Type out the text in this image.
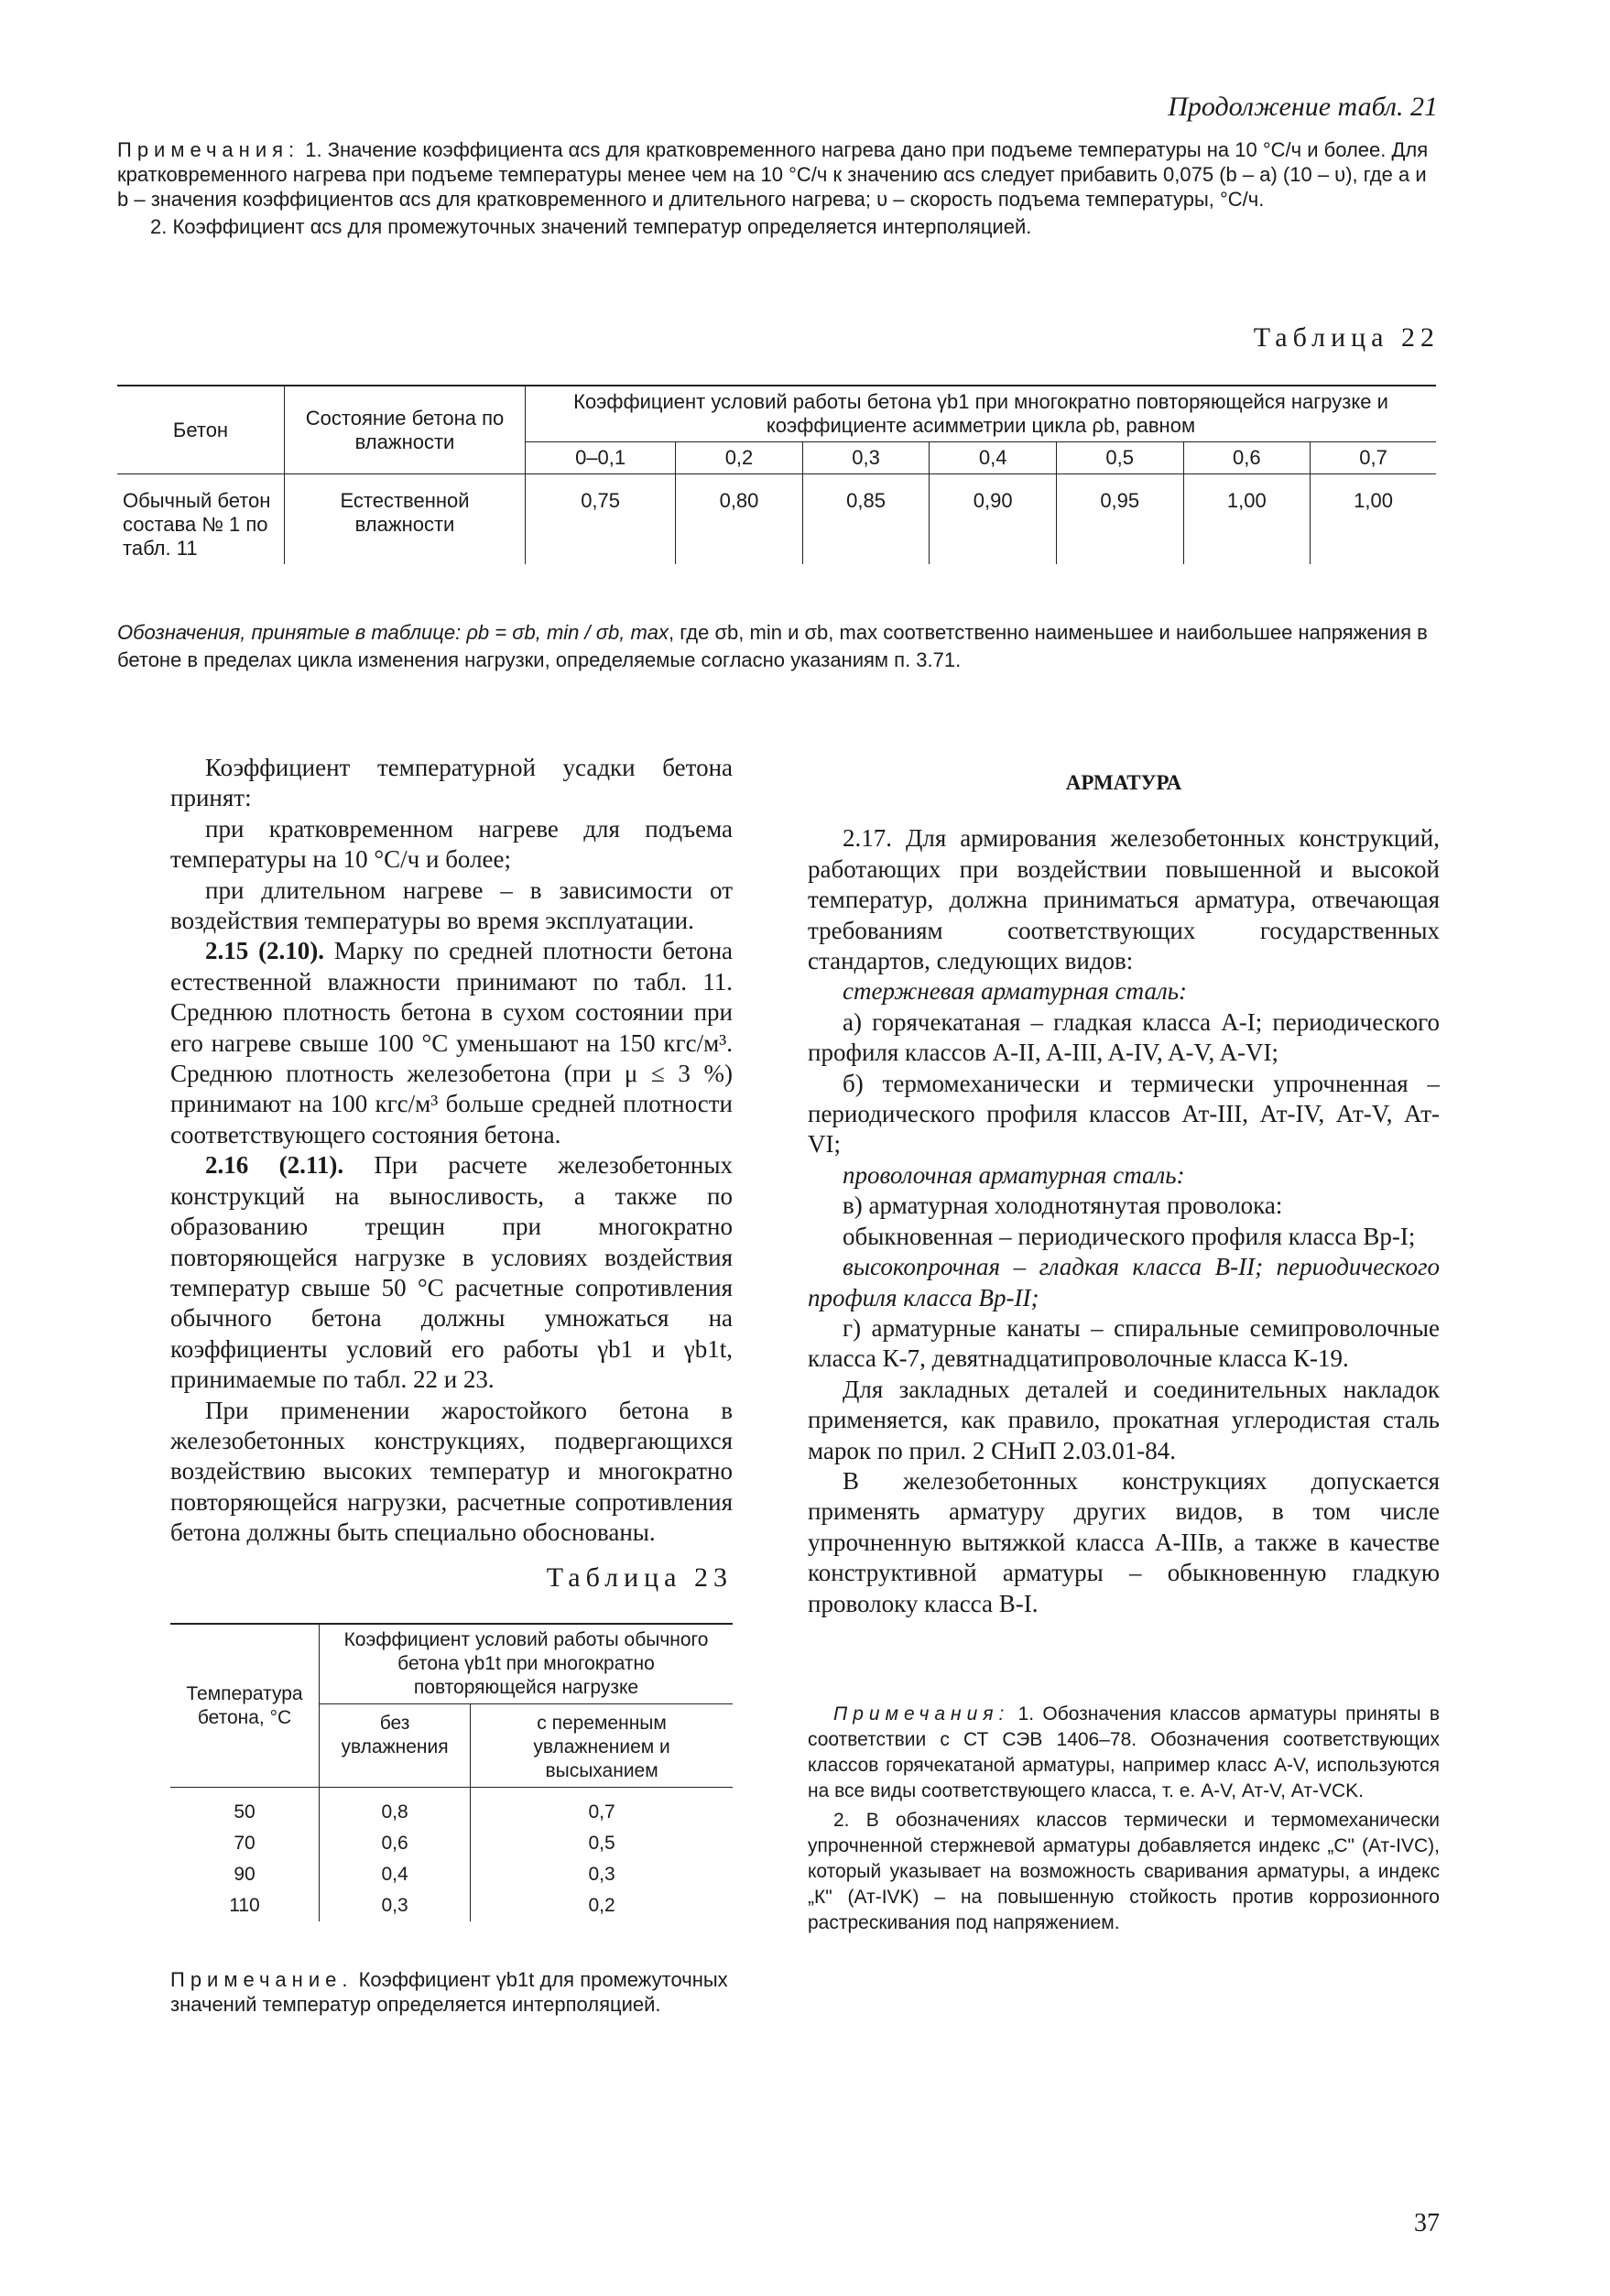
Продолжение табл. 21

Примечания: 1. Значение коэффициента αcs для кратковременного нагрева дано при подъеме температуры на 10 °С/ч и более. Для кратковременного нагрева при подъеме температуры менее чем на 10 °С/ч к значению αcs следует прибавить 0,075 (b – a) (10 – υ), где a и b – значения коэффициентов αcs для кратковременного и длительного нагрева; υ – скорость подъема температуры, °С/ч.

2. Коэффициент αcs для промежуточных значений температур определяется интерполяцией.

Таблица 22
Бетон	Состояние бетона по влажности	Коэффициент условий работы бетона γb1 при многократно повторяющейся нагрузке и коэффициенте асимметрии цикла ρb, равном						
		0–0,1	0,2	0,3	0,4	0,5	0,6	0,7
Обычный бетон состава № 1 по табл. 11	Естественной влажности	0,75	0,80	0,85	0,90	0,95	1,00	1,00

Обозначения, принятые в таблице: ρb = σb, min / σb, max, где σb, min и σb, max соответственно наименьшее и наибольшее напряжения в бетоне в пределах цикла изменения нагрузки, определяемые согласно указаниям п. 3.71.

Коэффициент температурной усадки бетона принят:

при кратковременном нагреве для подъема температуры на 10 °С/ч и более;

при длительном нагреве – в зависимости от воздействия температуры во время эксплуатации.

2.15 (2.10). Марку по средней плотности бетона естественной влажности принимают по табл. 11. Среднюю плотность бетона в сухом состоянии при его нагреве свыше 100 °С уменьшают на 150 кгс/м³. Среднюю плотность железобетона (при μ ≤ 3 %) принимают на 100 кгс/м³ больше средней плотности соответствующего состояния бетона.

2.16 (2.11). При расчете железобетонных конструкций на выносливость, а также по образованию трещин при многократно повторяющейся нагрузке в условиях воздействия температур свыше 50 °С расчетные сопротивления обычного бетона должны умножаться на коэффициенты условий его работы γb1 и γb1t, принимаемые по табл. 22 и 23.

При применении жаростойкого бетона в железобетонных конструкциях, подвергающихся воздействию высоких температур и многократно повторяющейся нагрузки, расчетные сопротивления бетона должны быть специально обоснованы.

Таблица 23
Температура бетона, °С	Коэффициент условий работы обычного бетона γb1t при многократно повторяющейся нагрузке	
	без увлажнения	с переменным увлажнением и высыханием
50	0,8	0,7
70	0,6	0,5
90	0,4	0,3
110	0,3	0,2
Примечание. Коэффициент γb1t для промежуточных значений температур определяется интерполяцией.

АРМАТУРА

2.17. Для армирования железобетонных конструкций, работающих при воздействии повышенной и высокой температур, должна приниматься арматура, отвечающая требованиям соответствующих государственных стандартов, следующих видов:

стержневая арматурная сталь:

а) горячекатаная – гладкая класса A-I; периодического профиля классов A-II, A-III, A-IV, A-V, A-VI;

б) термомеханически и термически упрочненная – периодического профиля классов Ат-III, Ат-IV, Ат-V, Ат-VI;

проволочная арматурная сталь:

в) арматурная холоднотянутая проволока:

обыкновенная – периодического профиля класса Вр-I;

высокопрочная – гладкая класса B-II; периодического профиля класса Вр-II;

г) арматурные канаты – спиральные семипроволочные класса К-7, девятнадцатипроволочные класса К-19.

Для закладных деталей и соединительных накладок применяется, как правило, прокатная углеродистая сталь марок по прил. 2 СНиП 2.03.01-84.

В железобетонных конструкциях допускается применять арматуру других видов, в том числе упрочненную вытяжкой класса A-IIIв, а также в качестве конструктивной арматуры – обыкновенную гладкую проволоку класса B-I.

Примечания: 1. Обозначения классов арматуры приняты в соответствии с СТ СЭВ 1406–78. Обозначения соответствующих классов горячекатаной арматуры, например класс A-V, используются на все виды соответствующего класса, т. е. A-V, Ат-V, Ат-VCK.

2. В обозначениях классов термически и термомеханически упрочненной стержневой арматуры добавляется индекс „С" (Ат-IVC), который указывает на возможность сваривания арматуры, а индекс „К" (Ат-IVK) – на повышенную стойкость против коррозионного растрескивания под напряжением.

37
